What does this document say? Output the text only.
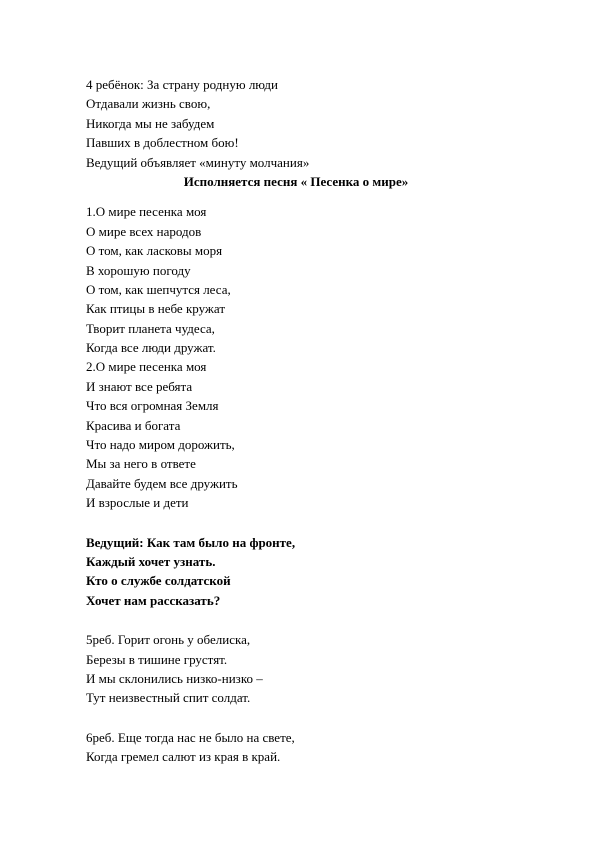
4 ребёнок: За страну родную люди
Отдавали жизнь свою,
Никогда мы не забудем
Павших в доблестном бою!
Ведущий объявляет «минуту молчания»
Исполняется песня « Песенка о мире»
1.О мире песенка моя
О мире всех народов
О том, как ласковы моря
В хорошую погоду
О том, как шепчутся леса,
Как птицы в небе кружат
Творит планета чудеса,
Когда все люди дружат.
2.О мире песенка моя
И знают все ребята
Что вся огромная Земля
Красива и богата
Что надо миром дорожить,
Мы за него в ответе
Давайте будем все дружить
И взрослые и дети
Ведущий: Как там было на фронте,
Каждый хочет узнать.
Кто о службе солдатской
Хочет нам рассказать?
5реб. Горит огонь у обелиска,
Березы в тишине грустят.
И мы склонились низко-низко –
Тут неизвестный спит солдат.
6реб. Еще тогда нас не было на свете,
Когда гремел салют из края в край.
